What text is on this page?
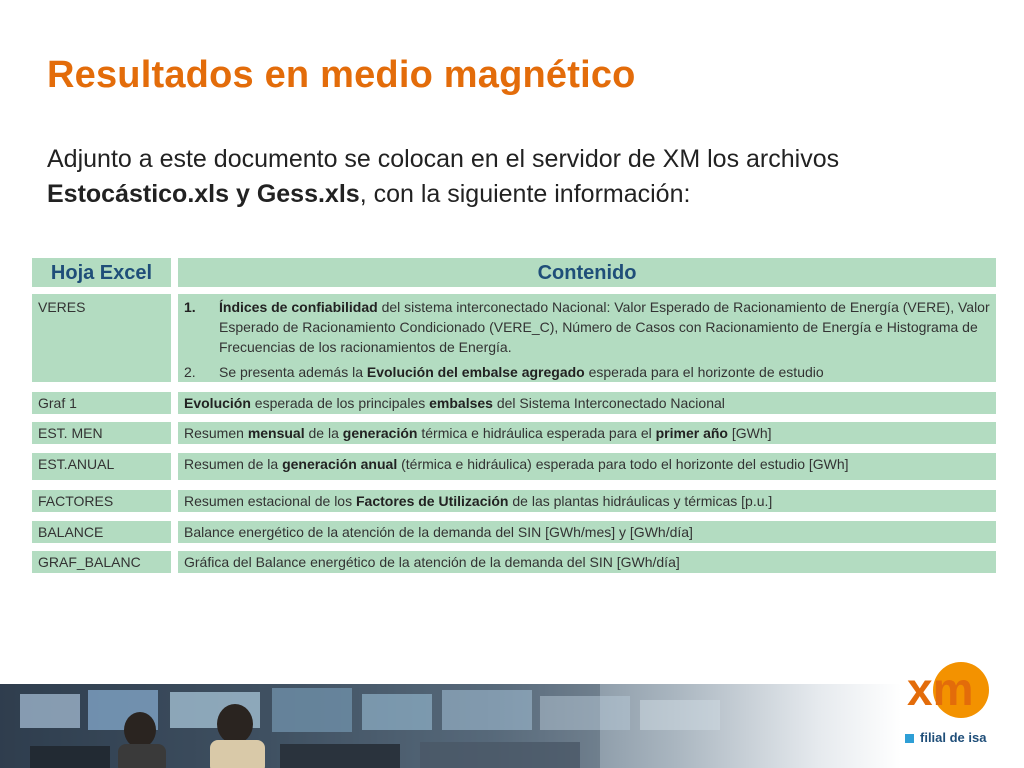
Resultados en medio magnético
Adjunto a este documento se colocan en el servidor de XM los archivos Estocástico.xls y Gess.xls, con la siguiente información:
Hoja Excel	Contenido
VERES	1. Índices de confiabilidad del sistema interconectado Nacional: Valor Esperado de Racionamiento de Energía (VERE), Valor Esperado de Racionamiento Condicionado (VERE_C), Número de Casos con Racionamiento de Energía e Histograma de Frecuencias de los racionamientos de Energía.
2. Se presenta además la Evolución del embalse agregado esperada para el horizonte de estudio
Graf 1	Evolución esperada de los principales embalses del Sistema Interconectado Nacional
EST. MEN	Resumen mensual de la generación térmica e hidráulica esperada para el primer año [GWh]
EST.ANUAL	Resumen de la generación anual (térmica e hidráulica) esperada para todo el horizonte del estudio [GWh]
FACTORES	Resumen estacional de los Factores de Utilización de las plantas hidráulicas y térmicas [p.u.]
BALANCE	Balance energético de la atención de la demanda del SIN [GWh/mes] y [GWh/día]
GRAF_BALANC	Gráfica del Balance energético de la atención de la demanda del SIN [GWh/día]
xm
filial de isa
